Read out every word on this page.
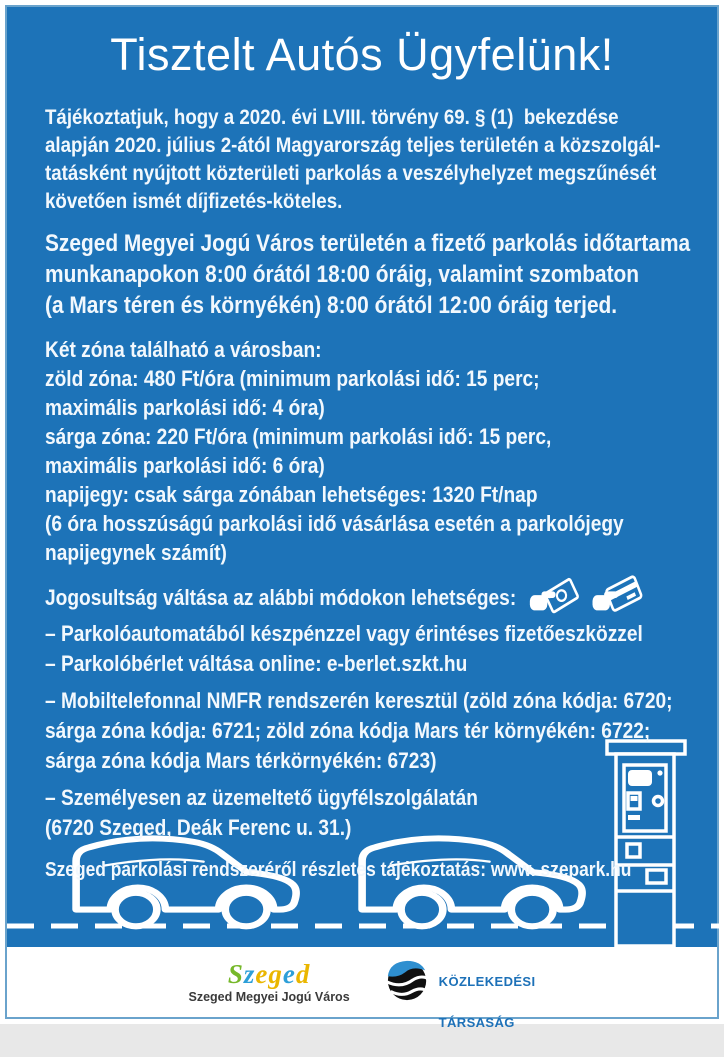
Tisztelt Autós Ügyfelünk!
Tájékoztatjuk, hogy a 2020. évi LVIII. törvény 69. § (1)  bekezdése
alapján 2020. július 2-ától Magyarország teljes területén a közszolgál-
tatásként nyújtott közterületi parkolás a veszélyhelyzet megszűnését
követően ismét díjfizetés-köteles.
Szeged Megyei Jogú Város területén a fizető parkolás időtartama
munkanapokon 8:00 órától 18:00 óráig, valamint szombaton
(a Mars téren és környékén) 8:00 órától 12:00 óráig terjed.
Két zóna található a városban:
zöld zóna: 480 Ft/óra (minimum parkolási idő: 15 perc;
maximális parkolási idő: 4 óra)
sárga zóna: 220 Ft/óra (minimum parkolási idő: 15 perc,
maximális parkolási idő: 6 óra)
napijegy: csak sárga zónában lehetséges: 1320 Ft/nap
(6 óra hosszúságú parkolási idő vásárlása esetén a parkolójegy
napijegynek számít)
Jogosultság váltása az alábbi módokon lehetséges:
– Parkolóautomatából készpénzzel vagy érintéses fizetőeszközzel
– Parkolóbérlet váltása online: e-berlet.szkt.hu
– Mobiltelefonnal NMFR rendszerén keresztül (zöld zóna kódja: 6720;
sárga zóna kódja: 6721; zöld zóna kódja Mars tér környékén: 6722;
sárga zóna kódja Mars térkörnyékén: 6723)
– Személyesen az üzemeltető ügyfélszolgálatán
(6720 Szeged, Deák Ferenc u. 31.)
Szeged parkolási rendszeréről részletes tájékoztatás: www. szepark.hu
Szeged
Szeged Megyei Jogú Város

KÖZLEKEDÉSI

TÁRSASÁG
